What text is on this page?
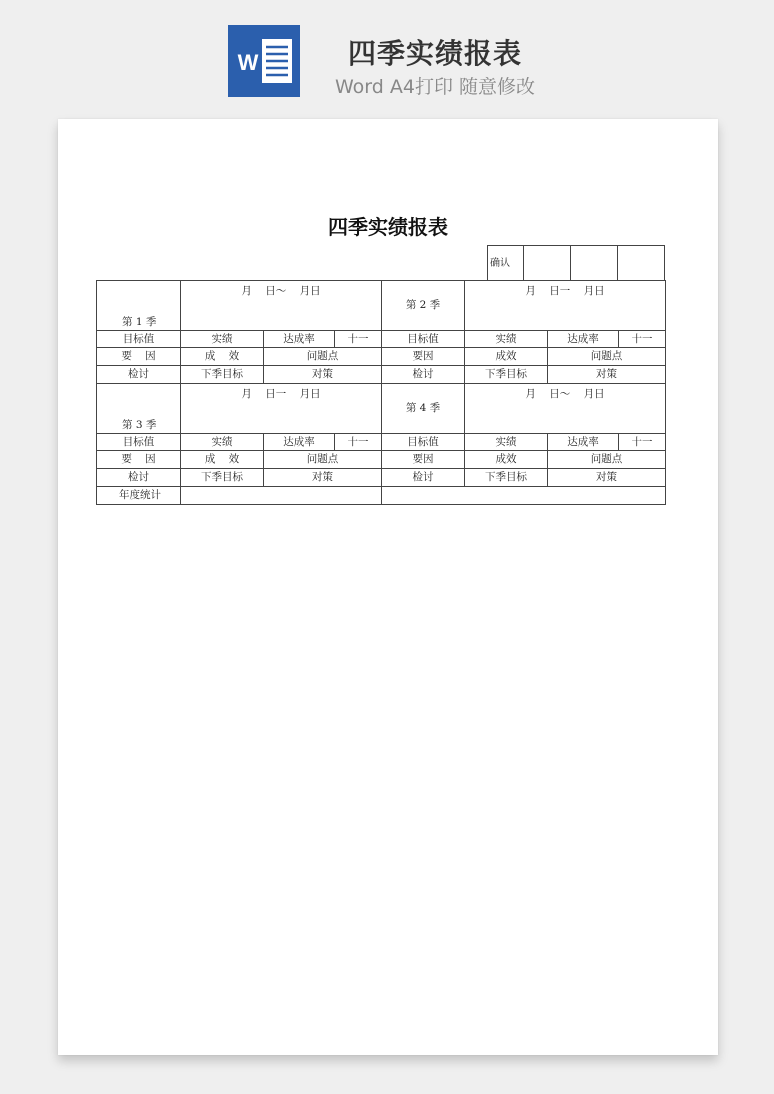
W	四季实绩报表
Word A4打印 随意修改
四季实绩报表
确认			
第 1 季	月    日～    月日			第 2 季	月    日一    月日		
目标值	实绩	达成率	十一	目标值	实绩	达成率	十一
要    因	成    效	问题点		要因	成效	问题点	
检讨	下季目标	对策		检讨	下季目标	对策	
第 3 季	月    日一    月日			第 4 季	月    日～    月日		
目标值	实绩	达成率	十一	目标值	实绩	达成率	十一
要    因	成    效	问题点		要因	成效	问题点	
检讨	下季目标	对策		检讨	下季目标	对策	
年度统计							
